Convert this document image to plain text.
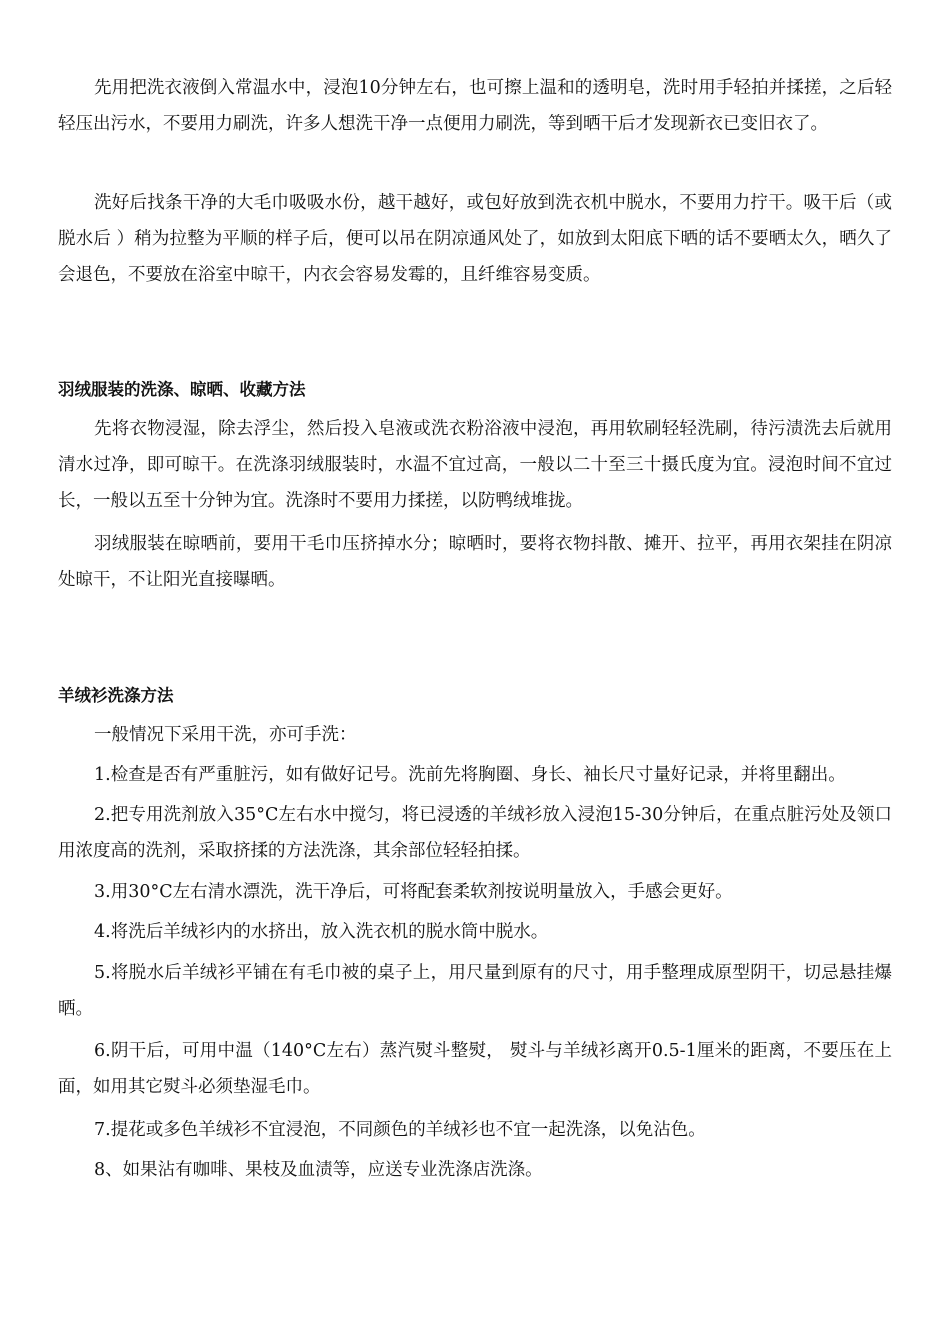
先用把洗衣液倒入常温水中，浸泡10分钟左右，也可擦上温和的透明皂，洗时用手轻拍并揉搓，之后轻轻压出污水，不要用力刷洗，许多人想洗干净一点便用力刷洗，等到晒干后才发现新衣已变旧衣了。

洗好后找条干净的大毛巾吸吸水份，越干越好，或包好放到洗衣机中脱水，不要用力拧干。吸干后（或脱水后 ）稍为拉整为平顺的样子后，便可以吊在阴凉通风处了，如放到太阳底下晒的话不要晒太久，晒久了会退色，不要放在浴室中晾干，内衣会容易发霉的，且纤维容易变质。

羽绒服装的洗涤、晾晒、收藏方法

先将衣物浸湿，除去浮尘，然后投入皂液或洗衣粉浴液中浸泡，再用软刷轻轻洗刷，待污渍洗去后就用清水过净，即可晾干。在洗涤羽绒服装时，水温不宜过高，一般以二十至三十摄氏度为宜。浸泡时间不宜过长，一般以五至十分钟为宜。洗涤时不要用力揉搓，以防鸭绒堆拢。

羽绒服装在晾晒前，要用干毛巾压挤掉水分；晾晒时，要将衣物抖散、摊开、拉平，再用衣架挂在阴凉处晾干，不让阳光直接曝晒。

羊绒衫洗涤方法

一般情况下采用干洗，亦可手洗：

1.检查是否有严重脏污，如有做好记号。洗前先将胸圈、身长、袖长尺寸量好记录，并将里翻出。

2.把专用洗剂放入35°C左右水中搅匀，将已浸透的羊绒衫放入浸泡15-30分钟后，在重点脏污处及领口用浓度高的洗剂，采取挤揉的方法洗涤，其余部位轻轻拍揉。

3.用30°C左右清水漂洗，洗干净后，可将配套柔软剂按说明量放入，手感会更好。

4.将洗后羊绒衫内的水挤出，放入洗衣机的脱水筒中脱水。

5.将脱水后羊绒衫平铺在有毛巾被的桌子上，用尺量到原有的尺寸，用手整理成原型阴干，切忌悬挂爆晒。

6.阴干后，可用中温（140°C左右）蒸汽熨斗整熨， 熨斗与羊绒衫离开0.5-1厘米的距离，不要压在上面，如用其它熨斗必须垫湿毛巾。

7.提花或多色羊绒衫不宜浸泡，不同颜色的羊绒衫也不宜一起洗涤，以免沾色。

8、如果沾有咖啡、果枝及血渍等，应送专业洗涤店洗涤。
